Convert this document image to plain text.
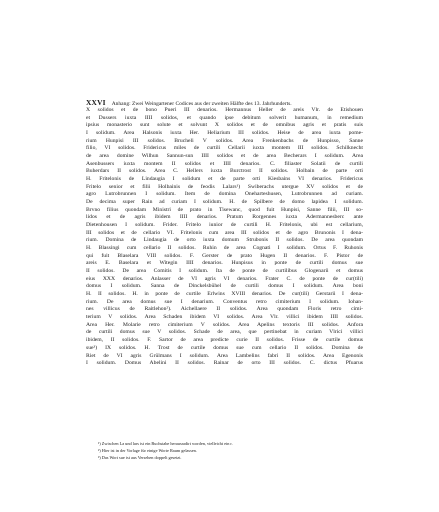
XXVI Anhang: Zwei Weingartener Codices aus der zweiten Hälfte des 13. Jahrhunderts.
X solidos et de bono Pueri III denarios. Hermannus Heller de areis Vlr. de Etishouen
et Dussers iuxta IIII solidos, et quando ipse debitum solverit humanum, in remedium
ipsius monasterio sunt solute et solvunt X solidos et de omnibus agris et pratis suis
I solidum. Area Halsonis iuxta Her. Heliarium III solidos. Heise de area iuxta pome-
rium Hunpisi III solidos. Brucheli V solidos. Area Frenkenbachs de Hunpisso, Sanne
filio, VI solidos. Fridericus miles de curtili Cellarii iuxta montem III solidos. Schilknecht
de area domine Wilhun Sannun-sun IIII solidos et de area Becherars I solidum. Area
Asenbussers iuxta montem II solidos et IIII denarios. C. filiaster Solatii de curtili
Buherdars II solidos. Area C. Hellers iuxta Burctrost II solidos. Holbain de parte orti
H. Fritelonis de Lindaugia I solidum et de parte orti Kiesbains VI denarios. Fridericus
Fritelo senior et filii Holbainis de feodis Lalars¹) Swiberachs utergue XV solidos et de
agro Lutrobrunnen I solidum. Item de domina Oneharteshusen, Lutrobrunnen ad curiam.
De decima super Rain ad curiam I solidum. H. de Spilbere de domo lapidea I solidum.
Brvno filius quondam Ministri de prato in Tisewanc, quod fuit Hunpisi, Sanne filii, III so-
lidos et de agris ibidem IIII denarios. Pratum Rorgennes iuxta Adermannesberc ante
Dietenhousen I solidum. Frider. Fritelo iunior de curtili H. Fritelonis, ubi est cellarium,
III solidos et de cellario VI. Fritelonis cum area III solidos et de agro Brunonis I dena-
rium. Domina de Lindaugia de orto iuxta domum Strubonis II solidos. De area quondam
H. Blassingi cum cellario II solidos. Ruhin de area Cognati I solidum. Ortus F. Ruhonis
qui fuit Blaselara VIII solidos. F. Gerster de prato Hugen II denarios. F. Pistor de
areis E. Baselara et Witegin IIII denarios. Hunpisus in ponte de curtili domus sue
II solidos. De area Comitis I solidum. Ita de ponte de curtilibus Glogenarii et domus
eius XXX denarios. Anlasser de VI agris VI denarios. Frater C. de ponte de cur(tili)
domus I solidum. Sanna de Dinckelsbühel de curtili domus I solidum. Area boni
H. II solidos. H. in ponte de curtile Erlwins XVIII denarios. De cur(tili) Gerstarii I dena-
rium. De area domus sue I denarium. Conventus retro cimiterium I solidum. Iohan-
nes villicus de Raitlehon²). Aichellaere II solidos. Area quondam Floris retro cimi-
terium V solidos. Area Schaden ibidem VI solidos. Area Vlr. villici ibidem IIII solidos.
Area Her. Molarie retro cimiterium V solidos. Area Apelins textoris III solidos. Anfora
de curtili domus sue V solidos. Schade de area, que pertinebat in curiam Vlrici villici
ibidem, II solidos. F. Sartor de area predicte curie II solidos. Frisse de curtile domus
sue³) IX solidos. H. Trost de curtile domus sue cum cellario II solidos. Domina de
Riet de VI agris Grūlmans I solidum. Area Lambelins fabri II solidos. Area Egenonis
I solidum. Domus Abelini II solidos. Rainar de orto III solidos. C. dictus Pfuarus
¹) Zwischen La und lars ist ein Buchstabe herausradirt worden, vielleicht ein r.
²) Hier ist in der Vorlage für einige Worte Raum gelassen.
³) Das Wort sue ist aus Versehen doppelt gesetzt.
